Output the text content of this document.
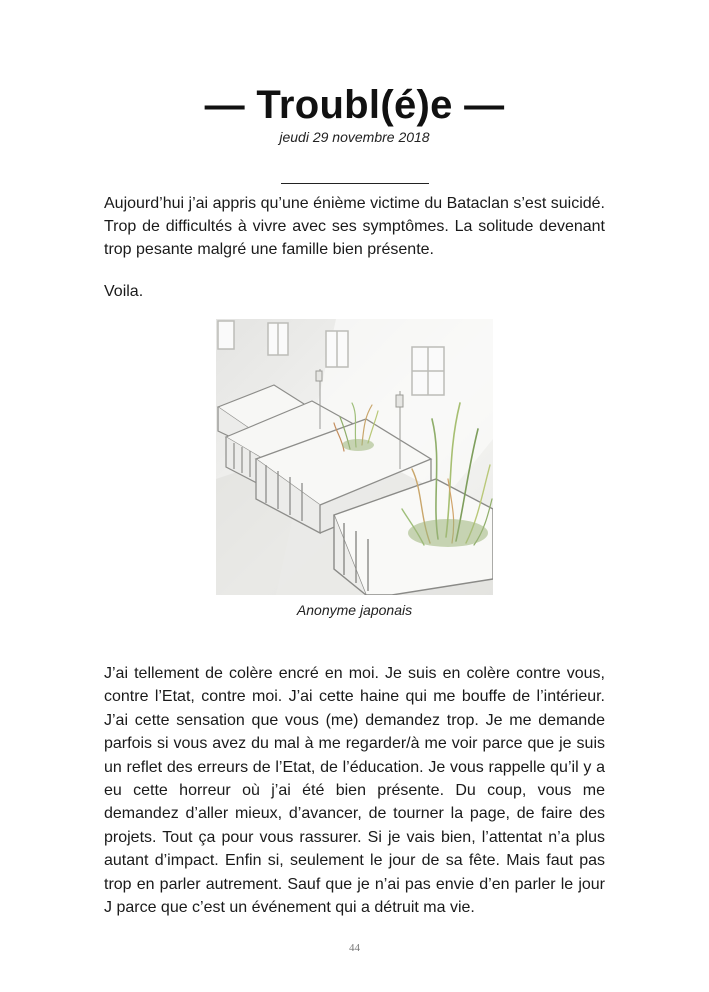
— Troubl(é)e —
jeudi 29 novembre 2018

Aujourd’hui j’ai appris qu’une énième victime du Bataclan s’est suicidé. Trop de difficultés à vivre avec ses symptômes. La solitude devenant trop pesante malgré une famille bien présente.

Voila.

Anonyme japonais

J’ai tellement de colère encré en moi. Je suis en colère contre vous, contre l’Etat, contre moi. J’ai cette haine qui me bouffe de l’intérieur. J’ai cette sensation que vous (me) demandez trop. Je me demande parfois si vous avez du mal à me regarder/à me voir parce que je suis un reflet des erreurs de l’Etat, de l’éducation. Je vous rappelle qu’il y a eu cette horreur où j’ai été bien présente. Du coup, vous me demandez d’aller mieux, d’avancer, de tourner la page, de faire des projets. Tout ça pour vous rassurer. Si je vais bien, l’attentat n’a plus autant d’impact. Enfin si, seulement le jour de sa fête. Mais faut pas trop en parler autrement. Sauf que je n’ai pas envie d’en parler le jour J parce que c’est un événement qui a détruit ma vie.

44
